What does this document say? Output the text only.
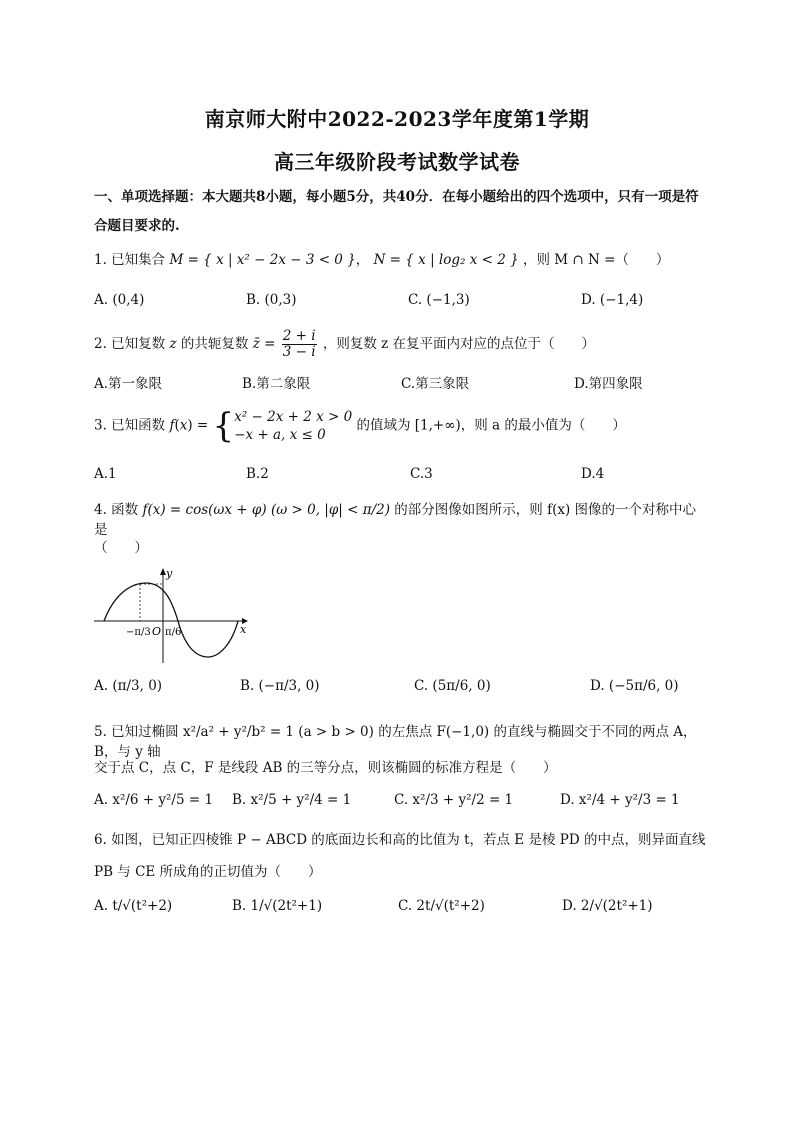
南京师大附中2022-2023学年度第1学期
高三年级阶段考试数学试卷
一、单项选择题：本大题共8小题，每小题5分，共40分．在每小题给出的四个选项中，只有一项是符合题目要求的.
1. 已知集合 M = { x | x² − 2x − 3 < 0 }， N = { x | log₂ x < 2 } ，则 M ∩ N =（　　）
A. (0,4)	B. (0,3)	C. (−1,3)	D. (−1,4)
2. 已知复数 z 的共轭复数 z̄ = $\frac{2 + i}{3 - i}$ ，则复数 z 在复平面内对应的点位于（　　）
A.第一象限	B.第二象限	C.第三象限	D.第四象限
3. 已知函数 f(x) = { x² − 2x + 2 x > 0
−x + a, x ≤ 0
的值域为 [1,+∞)，则 a 的最小值为（　　）
A.1	B.2	C.3	D.4
4. 函数 f(x) = cos(ωx + φ) (ω > 0, |φ| < π/2) 的部分图像如图所示，则 f(x) 图像的一个对称中心是
（　　）
y
x
O
−π/3 π/6
A. (π/3, 0)	B. (−π/3, 0)	C. (5π/6, 0)	D. (−5π/6, 0)
5. 已知过椭圆 x²/a² + y²/b² = 1 (a > b > 0) 的左焦点 F(−1,0) 的直线与椭圆交于不同的两点 A，B，与 y 轴
交于点 C，点 C，F 是线段 AB 的三等分点，则该椭圆的标准方程是（　　）
A. x²/6 + y²/5 = 1 B. x²/5 + y²/4 = 1	C. x²/3 + y²/2 = 1	D. x²/4 + y²/3 = 1
6. 如图，已知正四棱锥 P − ABCD 的底面边长和高的比值为 t，若点 E 是棱 PD 的中点，则异面直线
PB 与 CE 所成角的正切值为（　　）
A. t/√(t²+2)	B. 1/√(2t²+1)	C. 2t/√(t²+2)	D. 2/√(2t²+1)
